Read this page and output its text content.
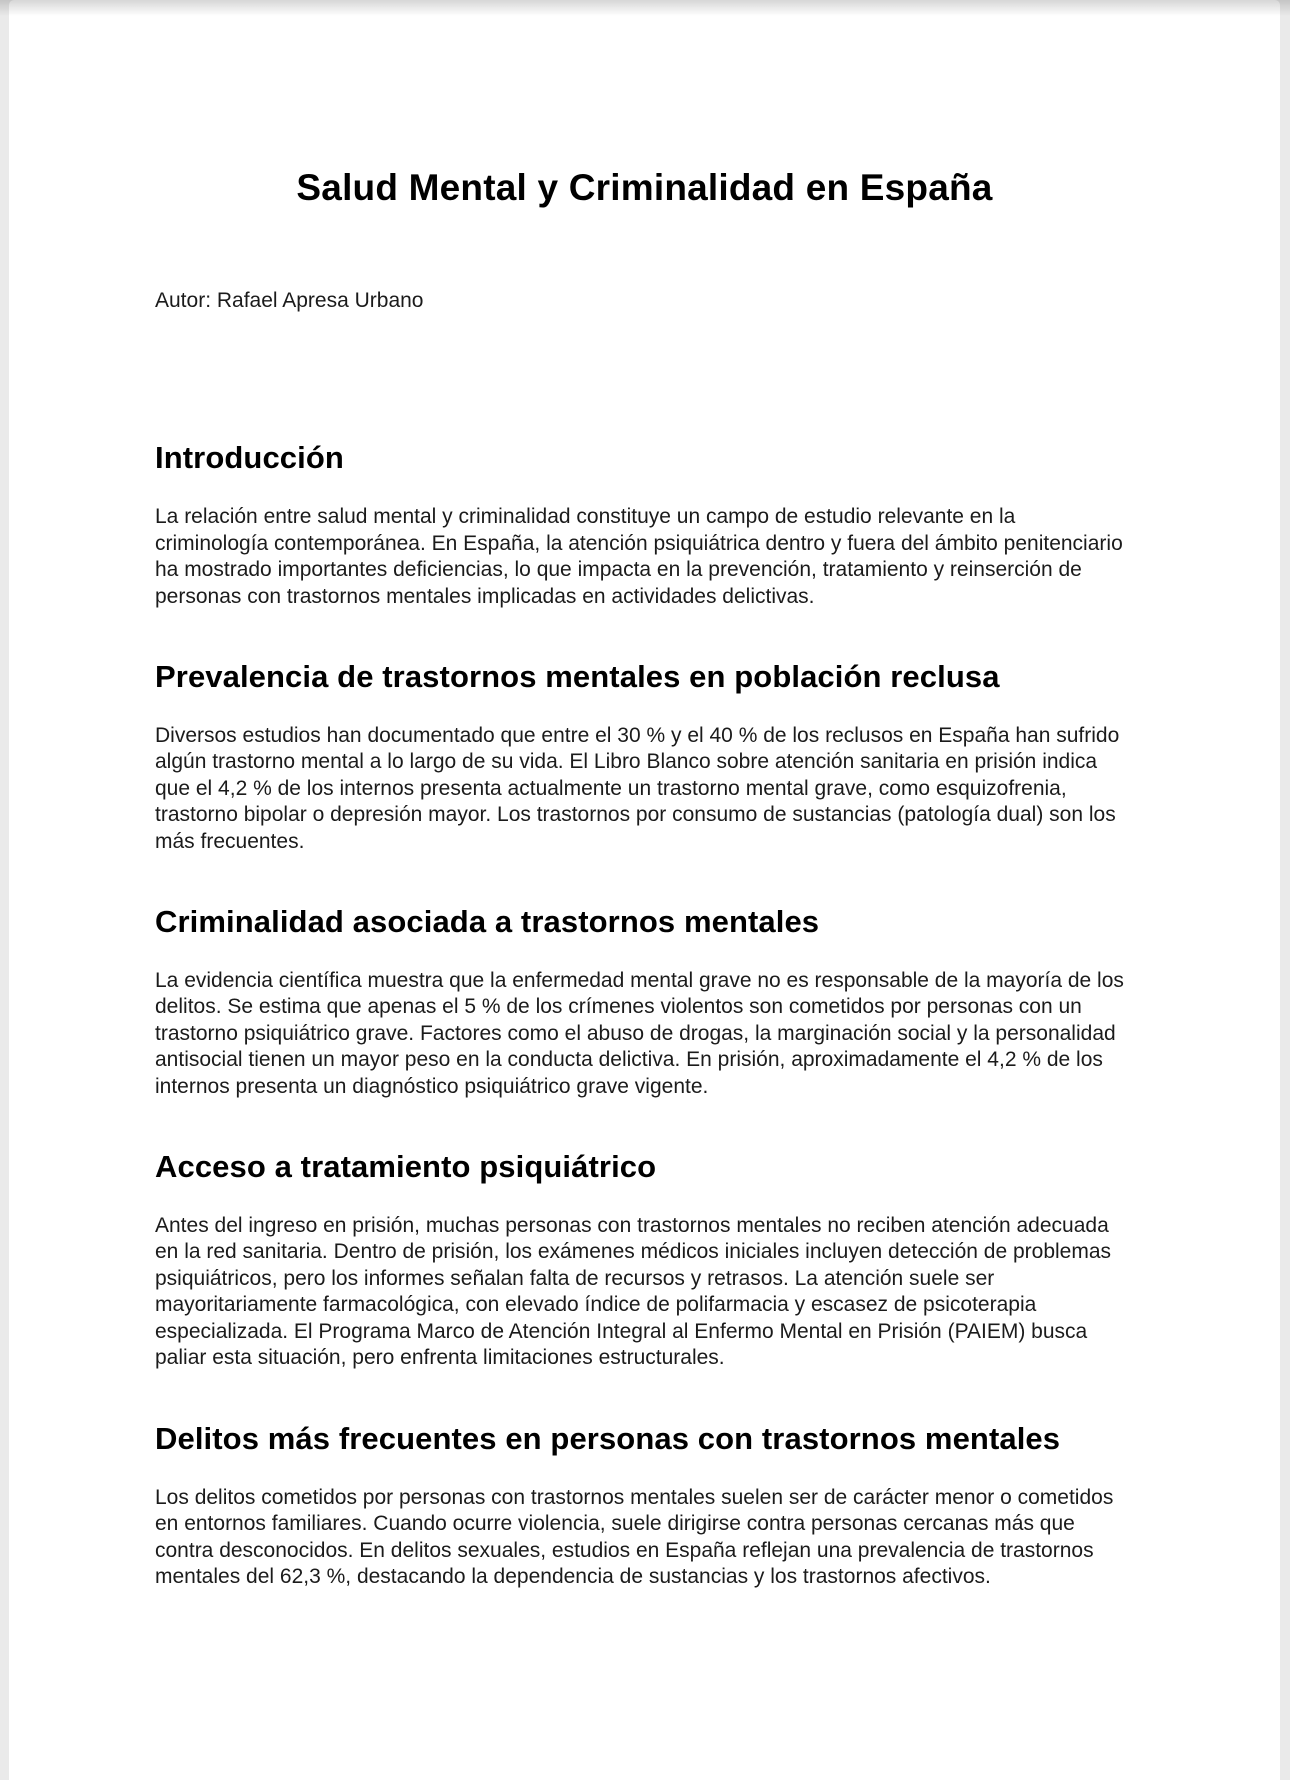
Salud Mental y Criminalidad en España

Autor: Rafael Apresa Urbano

Introducción

La relación entre salud mental y criminalidad constituye un campo de estudio relevante en la criminología contemporánea. En España, la atención psiquiátrica dentro y fuera del ámbito penitenciario ha mostrado importantes deficiencias, lo que impacta en la prevención, tratamiento y reinserción de personas con trastornos mentales implicadas en actividades delictivas.

Prevalencia de trastornos mentales en población reclusa

Diversos estudios han documentado que entre el 30 % y el 40 % de los reclusos en España han sufrido algún trastorno mental a lo largo de su vida. El Libro Blanco sobre atención sanitaria en prisión indica que el 4,2 % de los internos presenta actualmente un trastorno mental grave, como esquizofrenia, trastorno bipolar o depresión mayor. Los trastornos por consumo de sustancias (patología dual) son los más frecuentes.

Criminalidad asociada a trastornos mentales

La evidencia científica muestra que la enfermedad mental grave no es responsable de la mayoría de los delitos. Se estima que apenas el 5 % de los crímenes violentos son cometidos por personas con un trastorno psiquiátrico grave. Factores como el abuso de drogas, la marginación social y la personalidad antisocial tienen un mayor peso en la conducta delictiva. En prisión, aproximadamente el 4,2 % de los internos presenta un diagnóstico psiquiátrico grave vigente.

Acceso a tratamiento psiquiátrico

Antes del ingreso en prisión, muchas personas con trastornos mentales no reciben atención adecuada en la red sanitaria. Dentro de prisión, los exámenes médicos iniciales incluyen detección de problemas psiquiátricos, pero los informes señalan falta de recursos y retrasos. La atención suele ser mayoritariamente farmacológica, con elevado índice de polifarmacia y escasez de psicoterapia especializada. El Programa Marco de Atención Integral al Enfermo Mental en Prisión (PAIEM) busca paliar esta situación, pero enfrenta limitaciones estructurales.

Delitos más frecuentes en personas con trastornos mentales

Los delitos cometidos por personas con trastornos mentales suelen ser de carácter menor o cometidos en entornos familiares. Cuando ocurre violencia, suele dirigirse contra personas cercanas más que contra desconocidos. En delitos sexuales, estudios en España reflejan una prevalencia de trastornos mentales del 62,3 %, destacando la dependencia de sustancias y los trastornos afectivos.
